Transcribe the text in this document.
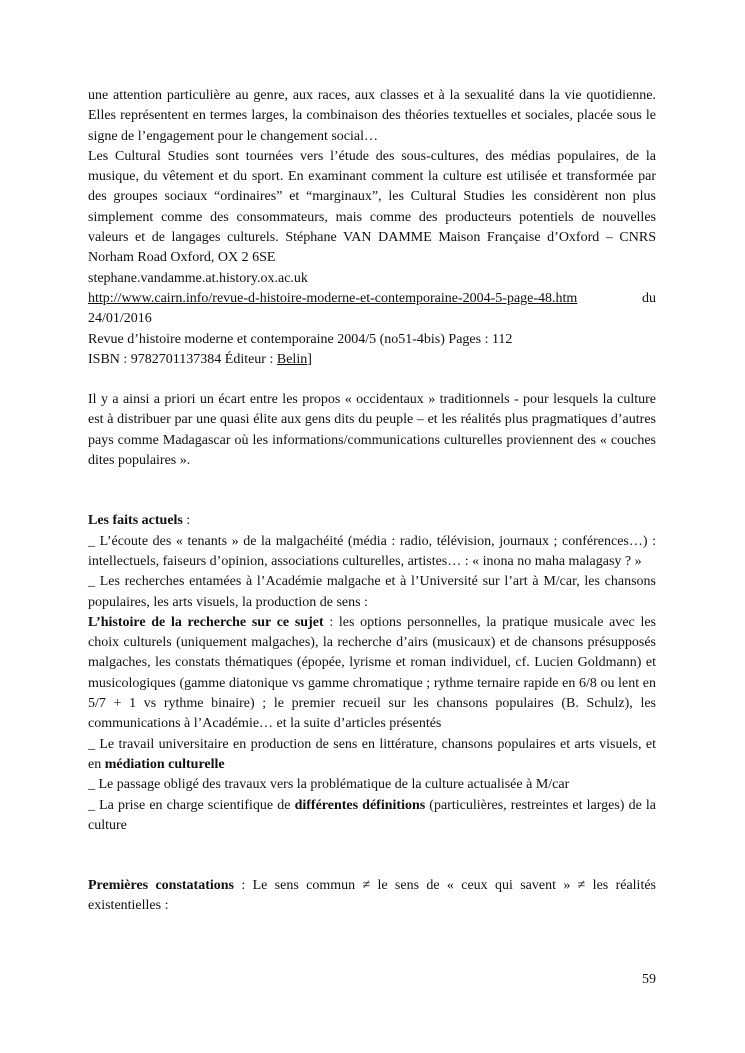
une attention particulière au genre, aux races, aux classes et à la sexualité dans la vie quotidienne. Elles représentent en termes larges, la combinaison des théories textuelles et sociales, placée sous le signe de l’engagement pour le changement social…

Les Cultural Studies sont tournées vers l’étude des sous-cultures, des médias populaires, de la musique, du vêtement et du sport. En examinant comment la culture est utilisée et transformée par des groupes sociaux “ordinaires” et “marginaux”, les Cultural Studies les considèrent non plus simplement comme des consommateurs, mais comme des producteurs potentiels de nouvelles valeurs et de langages culturels. Stéphane VAN DAMME Maison Française d’Oxford – CNRS Norham Road Oxford, OX 2 6SE

stephane.vandamme.at.history.ox.ac.uk

http://www.cairn.info/revue-d-histoire-moderne-et-contemporaine-2004-5-page-48.htm	du

24/01/2016

Revue d’histoire moderne et contemporaine 2004/5 (no51-4bis) Pages : 112

ISBN : 9782701137384 Éditeur : Belin]

Il y a ainsi a priori un écart entre les propos « occidentaux » traditionnels - pour lesquels la culture est à distribuer par une quasi élite aux gens dits du peuple – et les réalités plus pragmatiques d’autres pays comme Madagascar où les informations/communications culturelles proviennent des « couches dites populaires ».

Les faits actuels :

_ L’écoute des « tenants » de la malgachéité (média : radio, télévision, journaux ; conférences…) : intellectuels, faiseurs d’opinion, associations culturelles, artistes… : « inona no maha malagasy ? »

_ Les recherches entamées à l’Académie malgache et à l’Université sur l’art à M/car, les chansons populaires, les arts visuels, la production de sens :

L’histoire de la recherche sur ce sujet : les options personnelles, la pratique musicale avec les choix culturels (uniquement malgaches), la recherche d’airs (musicaux) et de chansons présupposés malgaches, les constats thématiques (épopée, lyrisme et roman individuel, cf. Lucien Goldmann) et musicologiques (gamme diatonique vs gamme chromatique ; rythme ternaire rapide en 6/8 ou lent en 5/7 + 1 vs rythme binaire) ; le premier recueil sur les chansons populaires (B. Schulz), les communications à l’Académie… et la suite d’articles présentés

_ Le travail universitaire en production de sens en littérature, chansons populaires et arts visuels, et en médiation culturelle

_ Le passage obligé des travaux vers la problématique de la culture actualisée à M/car

_ La prise en charge scientifique de différentes définitions (particulières, restreintes et larges) de la culture

Premières constatations : Le sens commun ≠ le sens de « ceux qui savent » ≠ les réalités existentielles :

59
